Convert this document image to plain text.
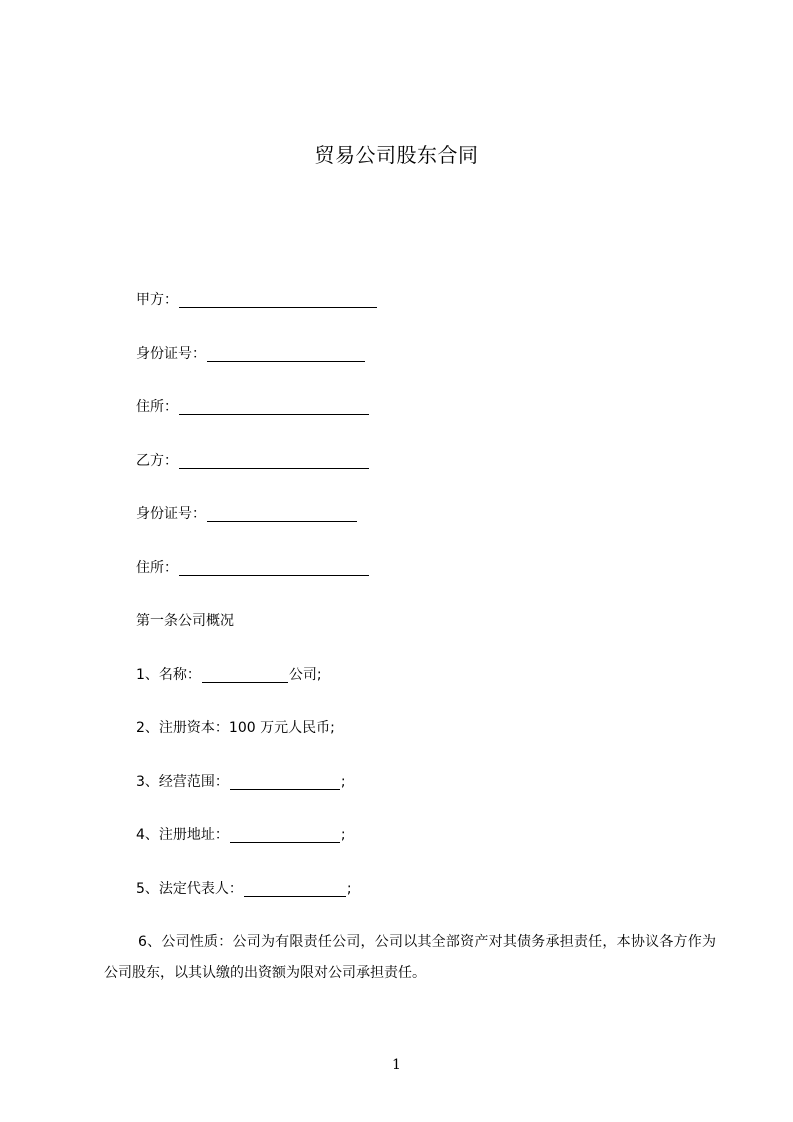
贸易公司股东合同
甲方：
身份证号：
住所：
乙方：
身份证号：
住所：
第一条公司概况
1、名称：	公司;
2、注册资本：100 万元人民币;
3、经营范围：	;
4、注册地址：	;
5、法定代表人：	;
6、公司性质：公司为有限责任公司，公司以其全部资产对其债务承担责任，本协议各方作为公司股东，以其认缴的出资额为限对公司承担责任。
1
